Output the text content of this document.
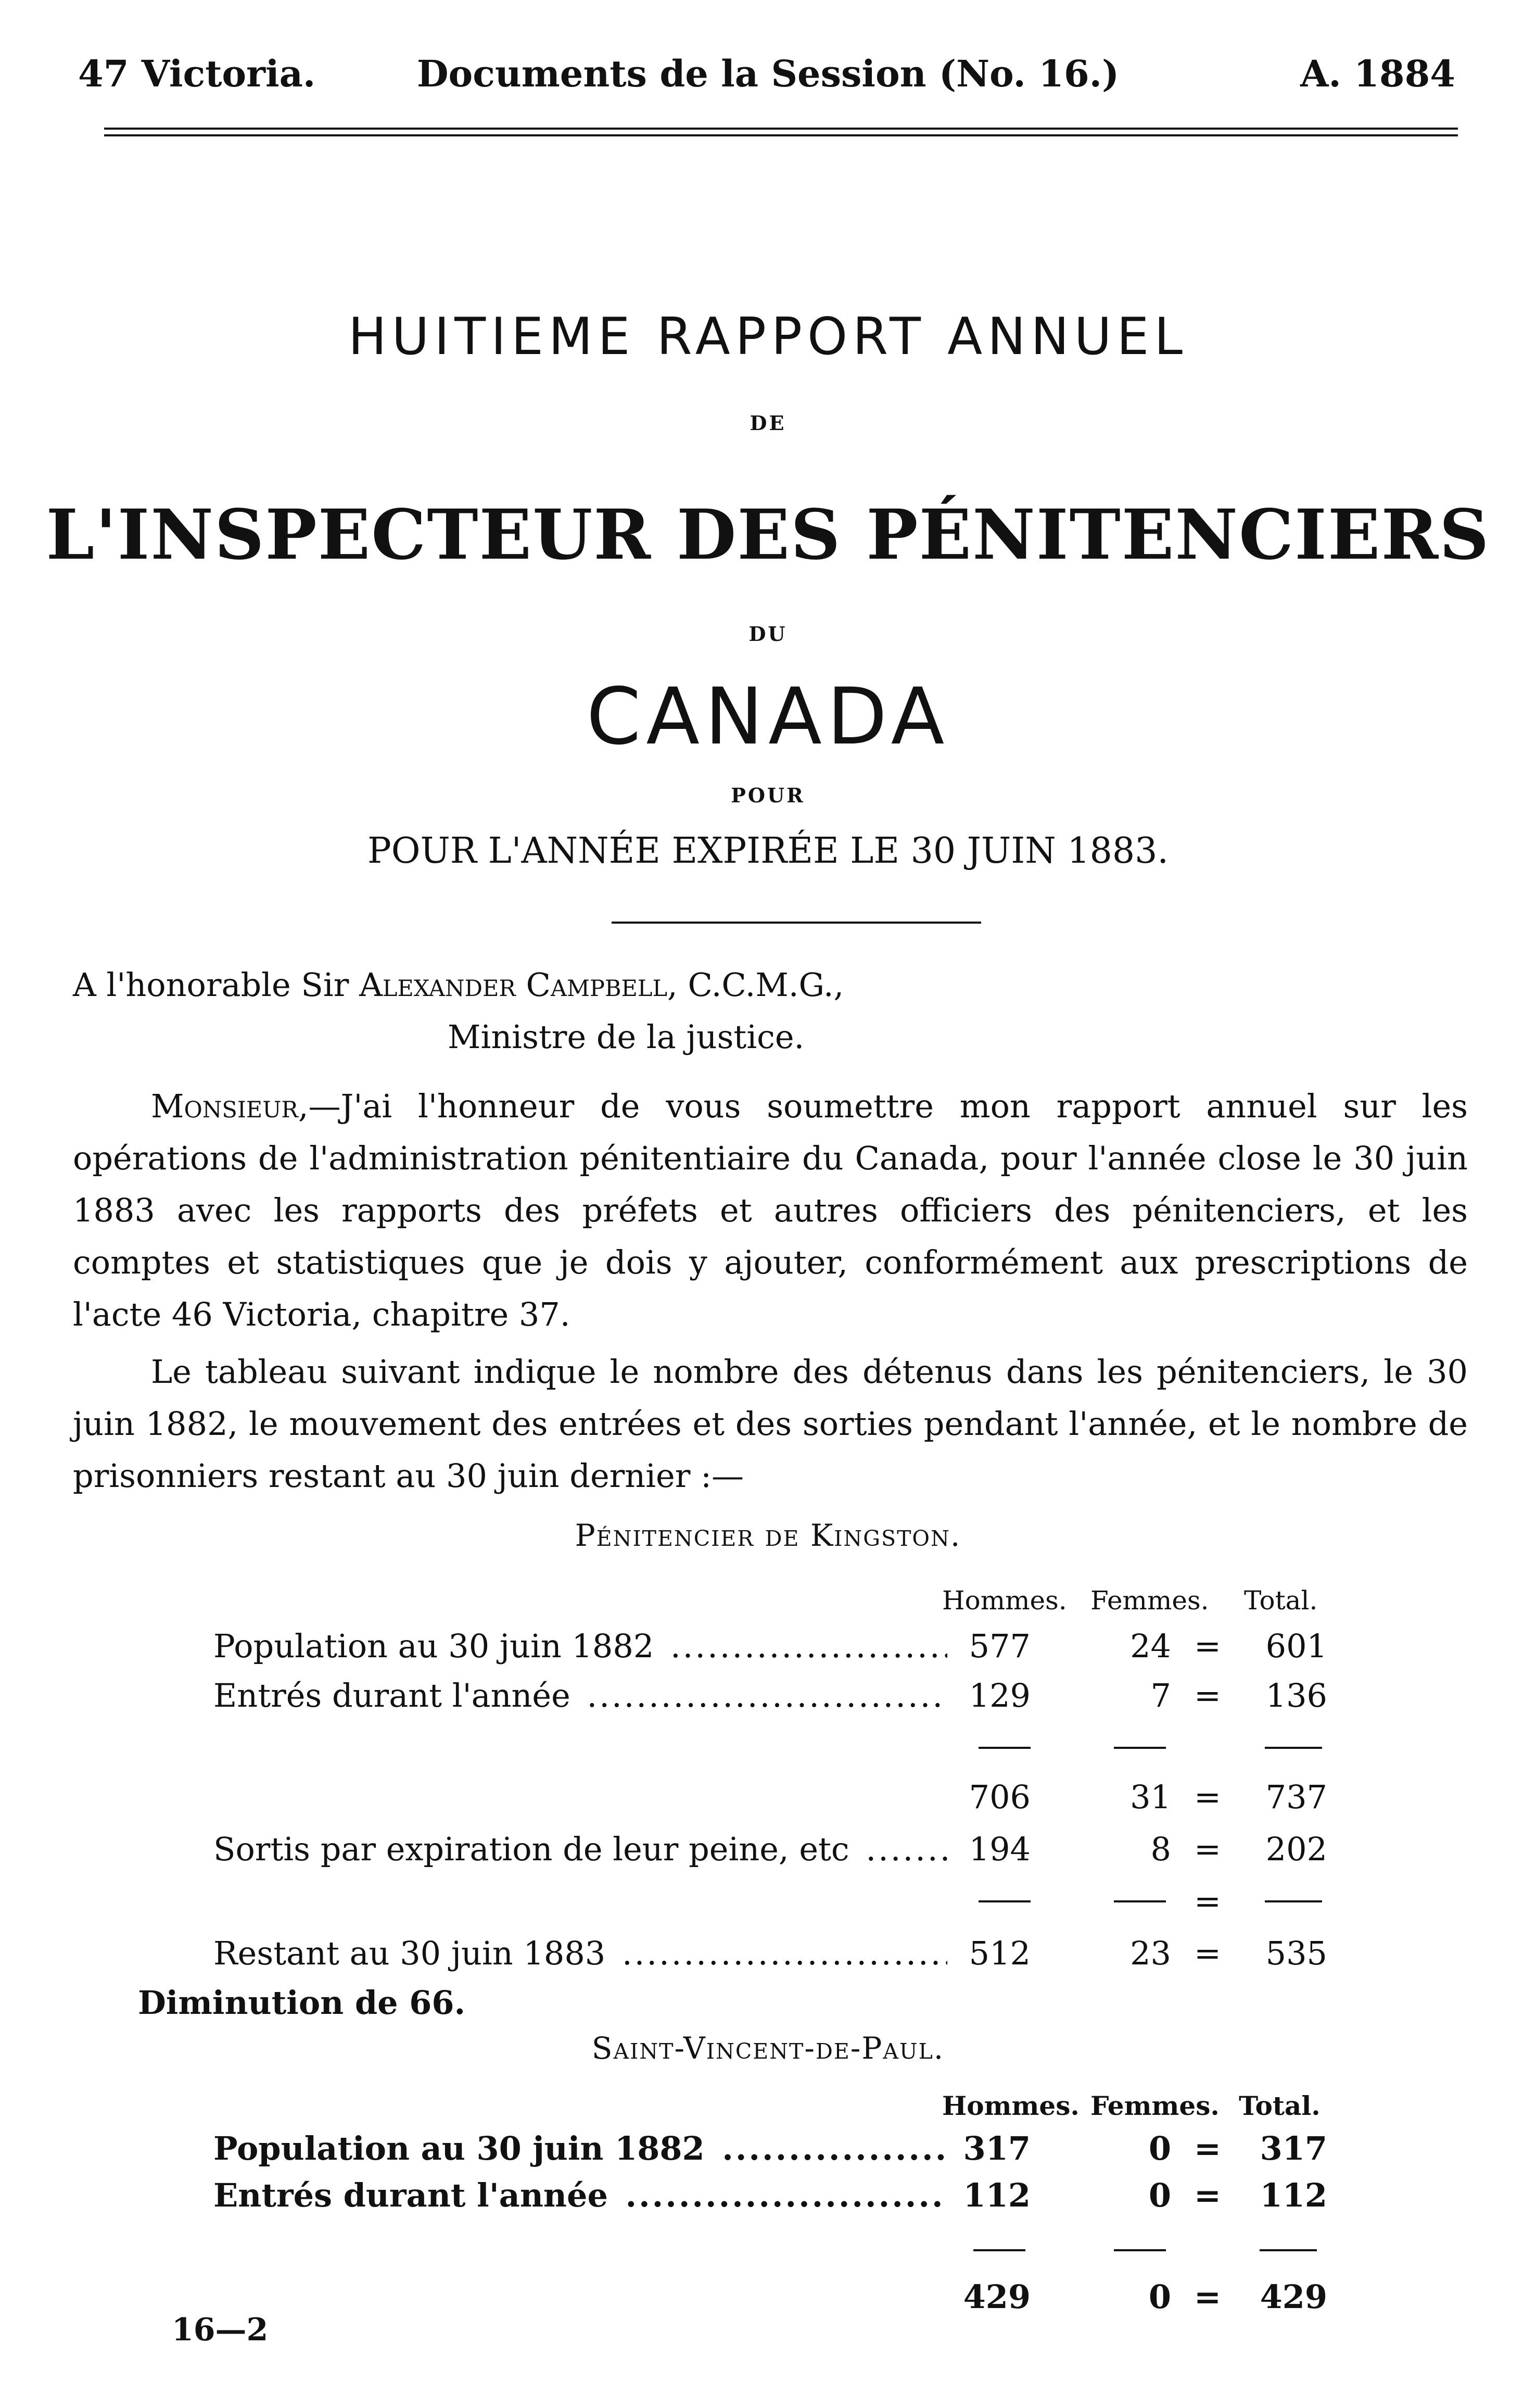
47 Victoria.	Documents de la Session (No. 16.)	A. 1884
HUITIEME RAPPORT ANNUEL
DE
L'INSPECTEUR DES PÉNITENCIERS
DU
CANADA
POUR
POUR L'ANNÉE EXPIRÉE LE 30 JUIN 1883.
A l'honorable Sir Alexander Campbell, C.C.M.G.,
Ministre de la justice.
Monsieur,—J'ai l'honneur de vous soumettre mon rapport annuel sur les opérations de l'administration pénitentiaire du Canada, pour l'année close le 30 juin 1883 avec les rapports des préfets et autres officiers des pénitenciers, et les comptes et statistiques que je dois y ajouter, conformément aux prescriptions de l'acte 46 Victoria, chapitre 37.
Le tableau suivant indique le nombre des détenus dans les pénitenciers, le 30 juin 1882, le mouvement des entrées et des sorties pendant l'année, et le nombre de prisonniers restant au 30 juin dernier :—
Pénitencier de Kingston.
Hommes. Femmes. Total.
Population au 30 juin 1882 .....	577	24 =	601
Entrés durant l'année .....	129	7 =	136
706	31 =	737
Sortis par expiration de leur peine, etc .....	194	8 =	202
=
Restant au 30 juin 1883 .....	512	23 =	535
Diminution de 66.
Saint-Vincent-de-Paul.
Hommes. Femmes. Total.
Population au 30 juin 1882 .....	317	0 =	317
Entrés durant l'année .....	112	0 =	112
429	0 =	429
16—2
